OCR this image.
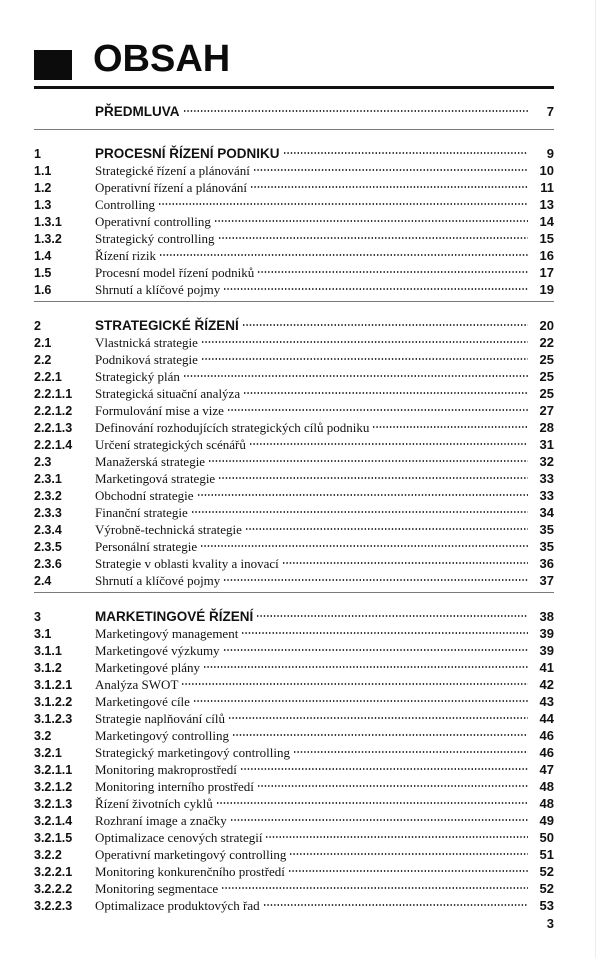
OBSAH
PŘEDMLUVA	7
1	PROCESNÍ ŘÍZENÍ PODNIKU	9
1.1	Strategické řízení a plánování	10
1.2	Operativní řízení a plánování	11
1.3	Controlling	13
1.3.1	Operativní controlling	14
1.3.2	Strategický controlling	15
1.4	Řízení rizik	16
1.5	Procesní model řízení podniků	17
1.6	Shrnutí a klíčové pojmy	19
2	STRATEGICKÉ ŘÍZENÍ	20
2.1	Vlastnická strategie	22
2.2	Podniková strategie	25
2.2.1	Strategický plán	25
2.2.1.1	Strategická situační analýza	25
2.2.1.2	Formulování mise a vize	27
2.2.1.3	Definování rozhodujících strategických cílů podniku	28
2.2.1.4	Určení strategických scénářů	31
2.3	Manažerská strategie	32
2.3.1	Marketingová strategie	33
2.3.2	Obchodní strategie	33
2.3.3	Finanční strategie	34
2.3.4	Výrobně-technická strategie	35
2.3.5	Personální strategie	35
2.3.6	Strategie v oblasti kvality a inovací	36
2.4	Shrnutí a klíčové pojmy	37
3	MARKETINGOVÉ ŘÍZENÍ	38
3.1	Marketingový management	39
3.1.1	Marketingové výzkumy	39
3.1.2	Marketingové plány	41
3.1.2.1	Analýza SWOT	42
3.1.2.2	Marketingové cíle	43
3.1.2.3	Strategie naplňování cílů	44
3.2	Marketingový controlling	46
3.2.1	Strategický marketingový controlling	46
3.2.1.1	Monitoring makroprostředí	47
3.2.1.2	Monitoring interního prostředí	48
3.2.1.3	Řízení životních cyklů	48
3.2.1.4	Rozhraní image a značky	49
3.2.1.5	Optimalizace cenových strategií	50
3.2.2	Operativní marketingový controlling	51
3.2.2.1	Monitoring konkurenčního prostředí	52
3.2.2.2	Monitoring segmentace	52
3.2.2.3	Optimalizace produktových řad	53
3
